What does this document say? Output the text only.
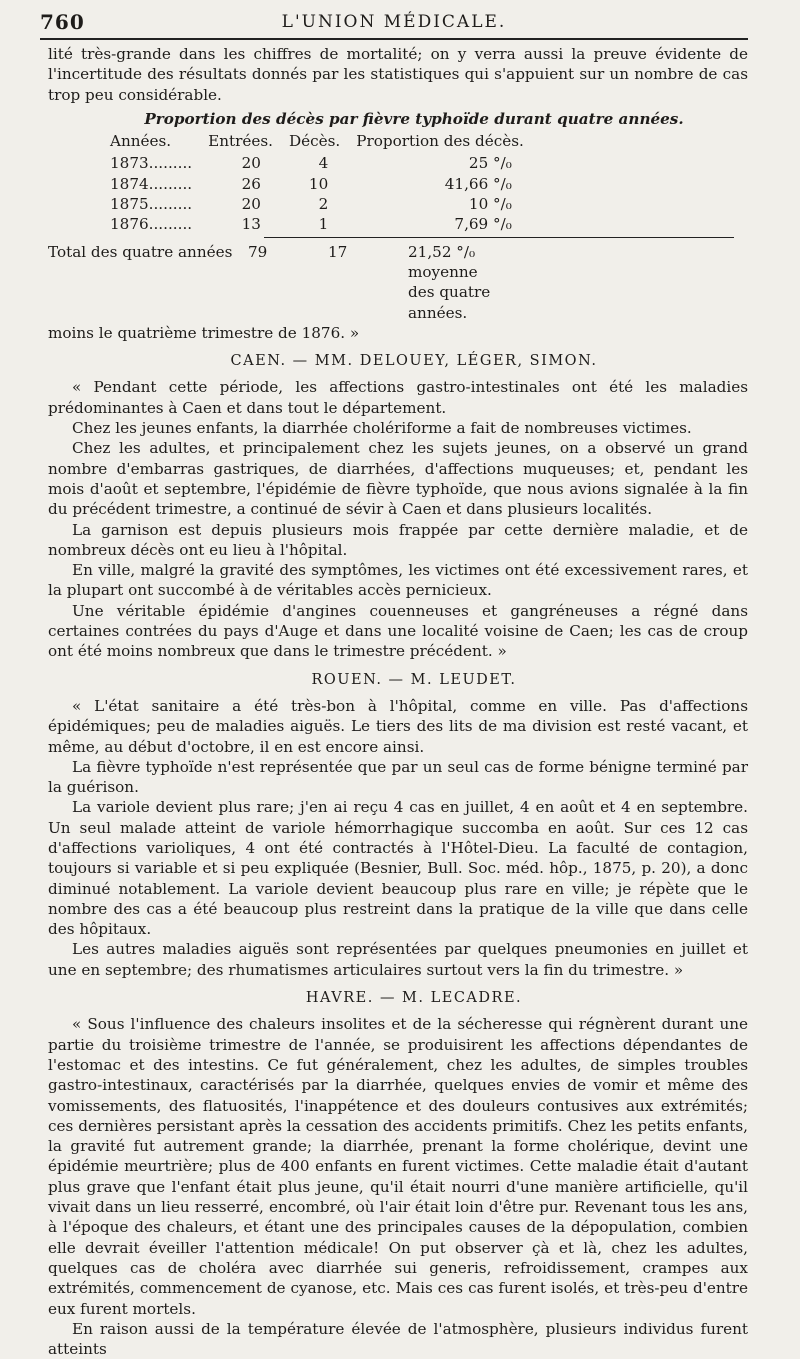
760	L'UNION MÉDICALE.

lité très-grande dans les chiffres de mortalité; on y verra aussi la preuve évidente de l'incertitude des résultats donnés par les statistiques qui s'appuient sur un nombre de cas trop peu considérable.

Proportion des décès par fièvre typhoïde durant quatre années.
Années.	Entrées.	Décès.	Proportion des décès.
1873.........	20	4	25 °/₀
1874.........	26	10	41,66 °/₀
1875.........	20	2	10 °/₀
1876.........	13	1	7,69 °/₀
Total des quatre années	79	17	21,52 °/₀ moyenne des quatre années.

moins le quatrième trimestre de 1876. »

CAEN. — MM. DELOUEY, LÉGER, SIMON.

« Pendant cette période, les affections gastro-intestinales ont été les maladies prédominantes à Caen et dans tout le département.

Chez les jeunes enfants, la diarrhée cholériforme a fait de nombreuses victimes.

Chez les adultes, et principalement chez les sujets jeunes, on a observé un grand nombre d'embarras gastriques, de diarrhées, d'affections muqueuses; et, pendant les mois d'août et septembre, l'épidémie de fièvre typhoïde, que nous avions signalée à la fin du précédent trimestre, a continué de sévir à Caen et dans plusieurs localités.

La garnison est depuis plusieurs mois frappée par cette dernière maladie, et de nombreux décès ont eu lieu à l'hôpital.

En ville, malgré la gravité des symptômes, les victimes ont été excessivement rares, et la plupart ont succombé à de véritables accès pernicieux.

Une véritable épidémie d'angines couenneuses et gangréneuses a régné dans certaines contrées du pays d'Auge et dans une localité voisine de Caen; les cas de croup ont été moins nombreux que dans le trimestre précédent. »

ROUEN. — M. LEUDET.

« L'état sanitaire a été très-bon à l'hôpital, comme en ville. Pas d'affections épidémiques; peu de maladies aiguës. Le tiers des lits de ma division est resté vacant, et même, au début d'octobre, il en est encore ainsi.

La fièvre typhoïde n'est représentée que par un seul cas de forme bénigne terminé par la guérison.

La variole devient plus rare; j'en ai reçu 4 cas en juillet, 4 en août et 4 en septembre. Un seul malade atteint de variole hémorrhagique succomba en août. Sur ces 12 cas d'affections varioliques, 4 ont été contractés à l'Hôtel-Dieu. La faculté de contagion, toujours si variable et si peu expliquée (Besnier, Bull. Soc. méd. hôp., 1875, p. 20), a donc diminué notablement. La variole devient beaucoup plus rare en ville; je répète que le nombre des cas a été beaucoup plus restreint dans la pratique de la ville que dans celle des hôpitaux.

Les autres maladies aiguës sont représentées par quelques pneumonies en juillet et une en septembre; des rhumatismes articulaires surtout vers la fin du trimestre. »

HAVRE. — M. LECADRE.

« Sous l'influence des chaleurs insolites et de la sécheresse qui régnèrent durant une partie du troisième trimestre de l'année, se produisirent les affections dépendantes de l'estomac et des intestins. Ce fut généralement, chez les adultes, de simples troubles gastro-intestinaux, caractérisés par la diarrhée, quelques envies de vomir et même des vomissements, des flatuosités, l'inappétence et des douleurs contusives aux extrémités; ces dernières persistant après la cessation des accidents primitifs. Chez les petits enfants, la gravité fut autrement grande; la diarrhée, prenant la forme cholérique, devint une épidémie meurtrière; plus de 400 enfants en furent victimes. Cette maladie était d'autant plus grave que l'enfant était plus jeune, qu'il était nourri d'une manière artificielle, qu'il vivait dans un lieu resserré, encombré, où l'air était loin d'être pur. Revenant tous les ans, à l'époque des chaleurs, et étant une des principales causes de la dépopulation, combien elle devrait éveiller l'attention médicale! On put observer çà et là, chez les adultes, quelques cas de choléra avec diarrhée sui generis, refroidissement, crampes aux extrémités, commencement de cyanose, etc. Mais ces cas furent isolés, et très-peu d'entre eux furent mortels.

En raison aussi de la température élevée de l'atmosphère, plusieurs individus furent atteints
